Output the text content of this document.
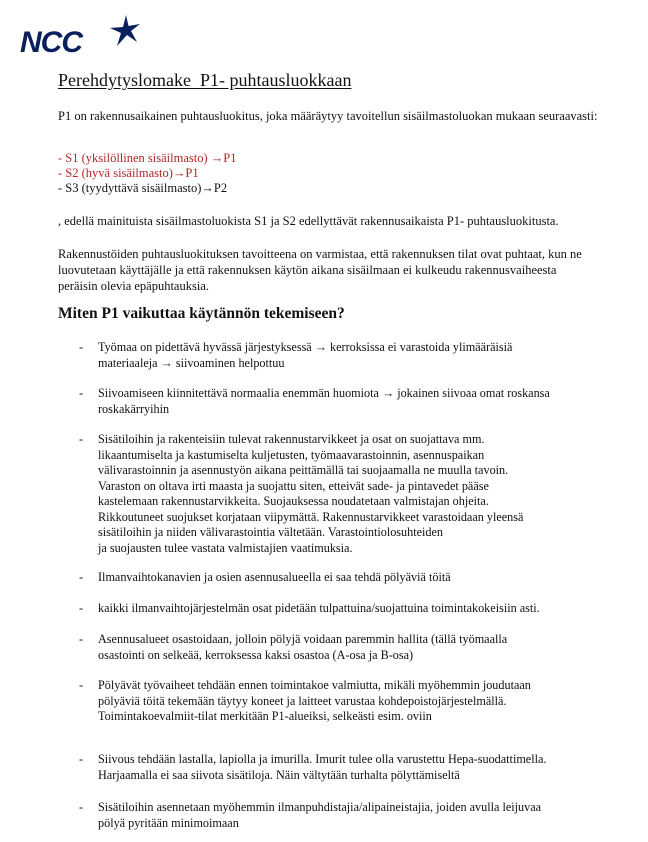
NCC
Perehdytyslomake  P1- puhtausluokkaan
P1 on rakennusaikainen puhtausluokitus, joka määräytyy tavoitellun sisäilmastoluokan mukaan seuraavasti:
- S1 (yksilöllinen sisäilmasto) →P1
- S2 (hyvä sisäilmasto)→P1
- S3 (tyydyttävä sisäilmasto)→P2
, edellä mainituista sisäilmastoluokista S1 ja S2 edellyttävät rakennusaikaista P1- puhtausluokitusta.
Rakennustöiden puhtausluokituksen tavoitteena on varmistaa, että rakennuksen tilat ovat puhtaat, kun ne luovutetaan käyttäjälle ja että rakennuksen käytön aikana sisäilmaan ei kulkeudu rakennusvaiheesta peräisin olevia epäpuhtauksia.
Miten P1 vaikuttaa käytännön tekemiseen?
- Työmaa on pidettävä hyvässä järjestyksessä → kerroksissa ei varastoida ylimääräisiä
materiaaleja → siivoaminen helpottuu
- Siivoamiseen kiinnitettävä normaalia enemmän huomiota → jokainen siivoaa omat roskansa
roskakärryihin
- Sisätiloihin ja rakenteisiin tulevat rakennustarvikkeet ja osat on suojattava mm.
likaantumiselta ja kastumiselta kuljetusten, työmaavarastoinnin, asennuspaikan
välivarastoinnin ja asennustyön aikana peittämällä tai suojaamalla ne muulla tavoin.
Varaston on oltava irti maasta ja suojattu siten, etteivät sade- ja pintavedet pääse
kastelemaan rakennustarvikkeita. Suojauksessa noudatetaan valmistajan ohjeita.
Rikkoutuneet suojukset korjataan viipymättä. Rakennustarvikkeet varastoidaan yleensä
sisätiloihin ja niiden välivarastointia vältetään. Varastointiolosuhteiden
ja suojausten tulee vastata valmistajien vaatimuksia.
- Ilmanvaihtokanavien ja osien asennusalueella ei saa tehdä pölyäviä töitä
- kaikki ilmanvaihtojärjestelmän osat pidetään tulpattuina/suojattuina toimintakokeisiin asti.
- Asennusalueet osastoidaan, jolloin pölyjä voidaan paremmin hallita (tällä työmaalla
osastointi on selkeää, kerroksessa kaksi osastoa (A-osa ja B-osa)
- Pölyävät työvaiheet tehdään ennen toimintakoe valmiutta, mikäli myöhemmin joudutaan
pölyäviä töitä tekemään täytyy koneet ja laitteet varustaa kohdepoistojärjestelmällä.
Toimintakoevalmiit-tilat merkitään P1-alueiksi, selkeästi esim. oviin
- Siivous tehdään lastalla, lapiolla ja imurilla. Imurit tulee olla varustettu Hepa-suodattimella.
Harjaamalla ei saa siivota sisätiloja. Näin vältytään turhalta pölyttämiseltä
- Sisätiloihin asennetaan myöhemmin ilmanpuhdistajia/alipaineistajia, joiden avulla leijuvaa
pölyä pyritään minimoimaan
